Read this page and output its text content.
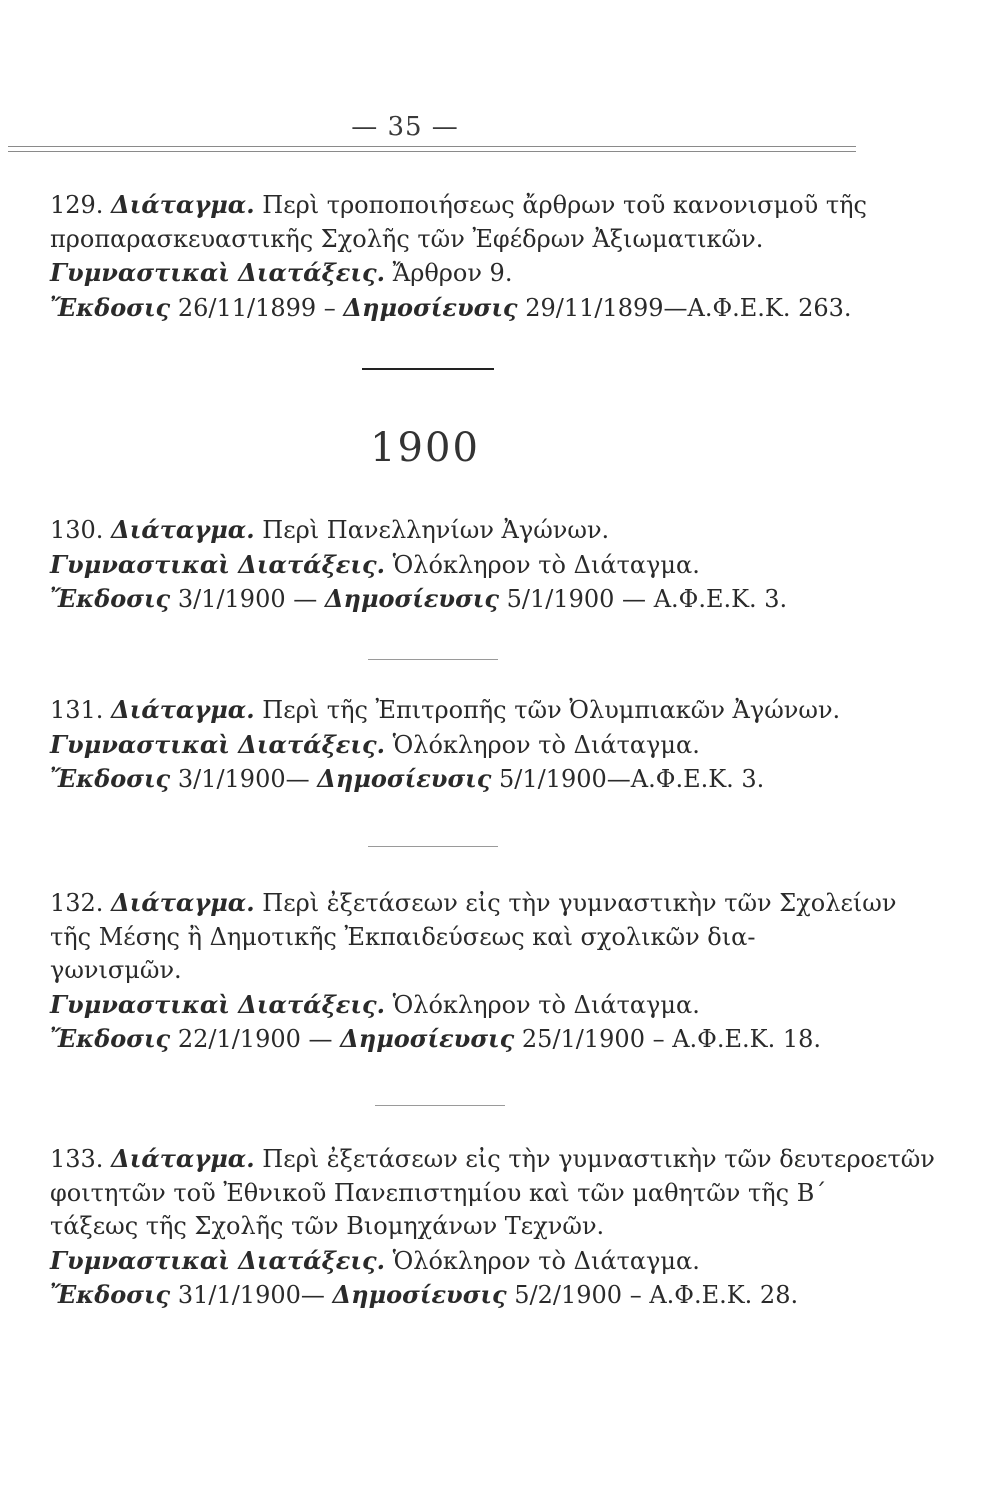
— 35 —
129. Διάταγμα. Περὶ τροποποιήσεως ἄρθρων τοῦ κανονισμοῦ τῆς
προπαρασκευαστικῆς Σχολῆς τῶν Ἐφέδρων Ἀξιωματικῶν.
Γυμναστικαὶ Διατάξεις. Ἄρθρον 9.
Ἔκδοσις 26/11/1899 – Δημοσίευσις 29/11/1899—Α.Φ.Ε.Κ. 263.
1900
130. Διάταγμα. Περὶ Πανελληνίων Ἀγώνων.
Γυμναστικαὶ Διατάξεις. Ὁλόκληρον τὸ Διάταγμα.
Ἔκδοσις 3/1/1900 — Δημοσίευσις 5/1/1900 — Α.Φ.Ε.Κ. 3.
131. Διάταγμα. Περὶ τῆς Ἐπιτροπῆς τῶν Ὀλυμπιακῶν Ἀγώνων.
Γυμναστικαὶ Διατάξεις. Ὁλόκληρον τὸ Διάταγμα.
Ἔκδοσις 3/1/1900— Δημοσίευσις 5/1/1900—Α.Φ.Ε.Κ. 3.
132. Διάταγμα. Περὶ ἐξετάσεων εἰς τὴν γυμναστικὴν τῶν Σχολείων
τῆς Μέσης ἢ Δημοτικῆς Ἐκπαιδεύσεως καὶ σχολικῶν δια-
γωνισμῶν.
Γυμναστικαὶ Διατάξεις. Ὁλόκληρον τὸ Διάταγμα.
Ἔκδοσις 22/1/1900 — Δημοσίευσις 25/1/1900 – Α.Φ.Ε.Κ. 18.
133. Διάταγμα. Περὶ ἐξετάσεων εἰς τὴν γυμναστικὴν τῶν δευτεροετῶν
φοιτητῶν τοῦ Ἐθνικοῦ Πανεπιστημίου καὶ τῶν μαθητῶν τῆς Β΄
τάξεως τῆς Σχολῆς τῶν Βιομηχάνων Τεχνῶν.
Γυμναστικαὶ Διατάξεις. Ὁλόκληρον τὸ Διάταγμα.
Ἔκδοσις 31/1/1900— Δημοσίευσις 5/2/1900 – Α.Φ.Ε.Κ. 28.
